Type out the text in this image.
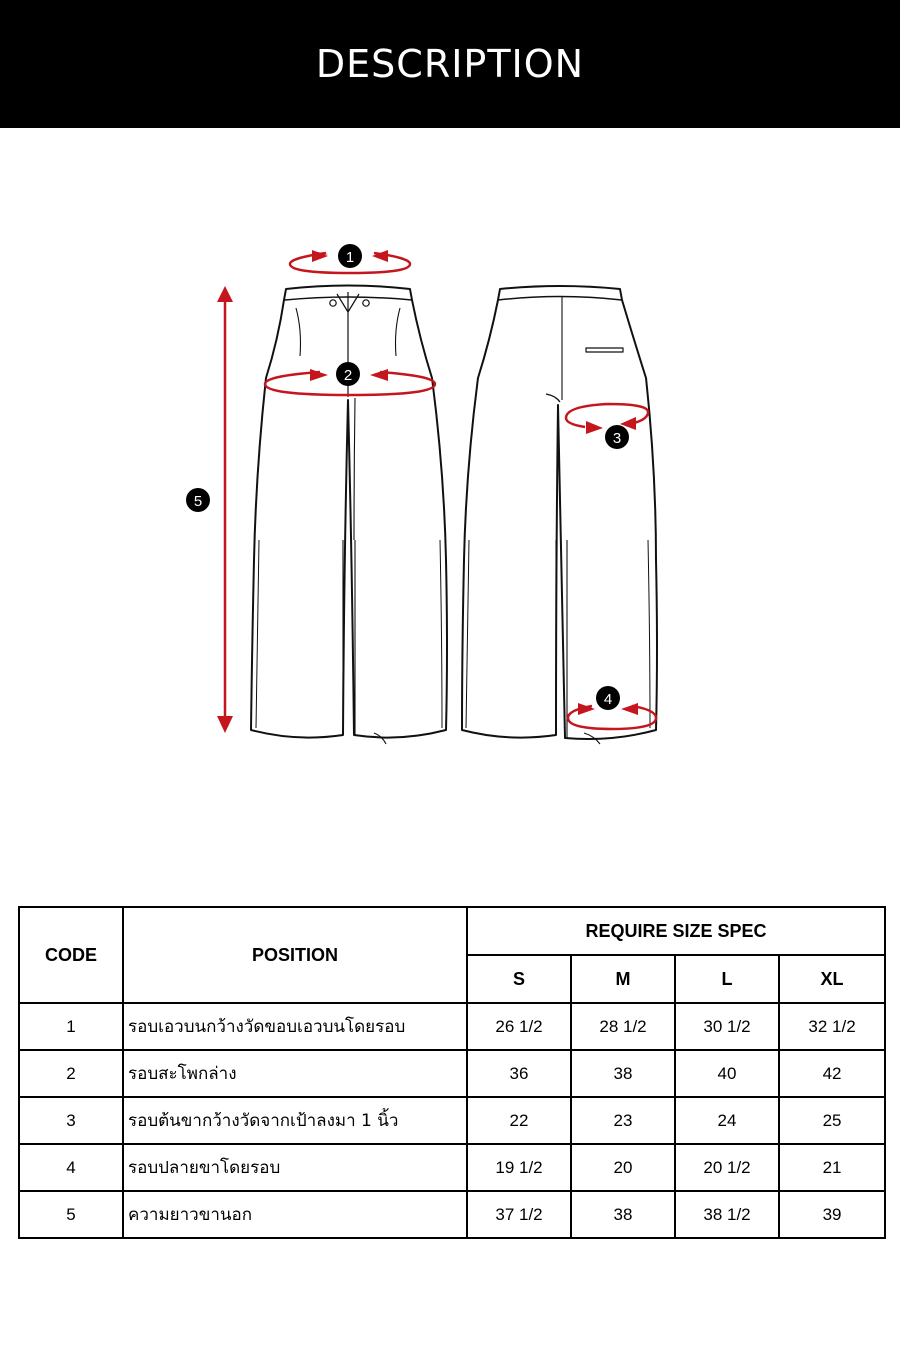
DESCRIPTION
1
2
3
4
5
CODE	POSITION	REQUIRE SIZE SPEC			
		S	M	L	XL
1	รอบเอวบนกว้างวัดขอบเอวบนโดยรอบ	26 1/2	28 1/2	30 1/2	32 1/2
2	รอบสะโพกล่าง	36	38	40	42
3	รอบต้นขากว้างวัดจากเป้าลงมา 1 นิ้ว	22	23	24	25
4	รอบปลายขาโดยรอบ	19 1/2	20	20 1/2	21
5	ความยาวขานอก	37 1/2	38	38 1/2	39
